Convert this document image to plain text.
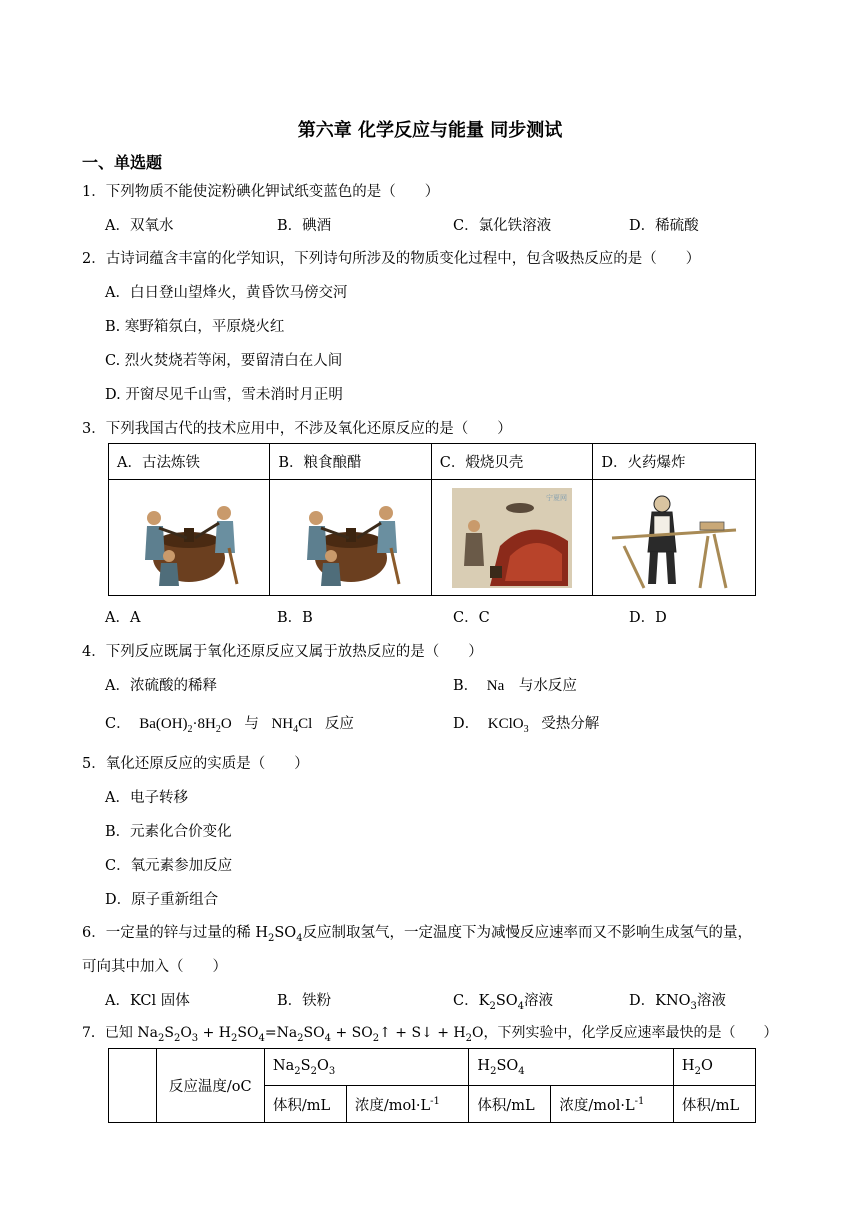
第六章 化学反应与能量 同步测试
一、单选题
1．下列物质不能使淀粉碘化钾试纸变蓝色的是（　　）
A．双氧水	B．碘酒	C．氯化铁溶液	D．稀硫酸
2．古诗词蕴含丰富的化学知识，下列诗句所涉及的物质变化过程中，包含吸热反应的是（　　）
A．白日登山望烽火，黄昏饮马傍交河
B. 寒野箱氛白，平原烧火红
C. 烈火焚烧若等闲，要留清白在人间
D. 开窗尽见千山雪，雪未消时月正明
3．下列我国古代的技术应用中，不涉及氧化还原反应的是（　　）
A．古法炼铁	B．粮食酿醋	C．煅烧贝壳	D．火药爆炸

宁夏网

A．A	B．B	C．C	D．D
4．下列反应既属于氧化还原反应又属于放热反应的是（　　）
A．浓硫酸的稀释	B． Na 与水反应
C． $Ba(OH)_2\cdot 8H_2O$ 与 $NH_4Cl$ 反应	D． KClO$_3$ 受热分解
5．氧化还原反应的实质是（　　）
A．电子转移
B．元素化合价变化
C．氧元素参加反应
D．原子重新组合
6．一定量的锌与过量的稀 $H_2SO_4$反应制取氢气，一定温度下为减慢反应速率而又不影响生成氢气的量，
可向其中加入（　　）
A．KCl 固体	B．铁粉	C．$K_2SO_4$溶液	D．$KNO_3$溶液
7．已知 $Na_2S_2O_3 + H_2SO_4=Na_2SO_4$ + $SO_2↑$ + S↓ + $H_2O$，下列实验中，化学反应速率最快的是（　　）
	反应温度/oC	$Na_2S_2O_3$		$H_2SO_4$		$H_2O$
		体积/mL	浓度$/mol\cdot L^{-1}$	体积/mL	浓度$/mol\cdot L^{-1}$	体积/mL
